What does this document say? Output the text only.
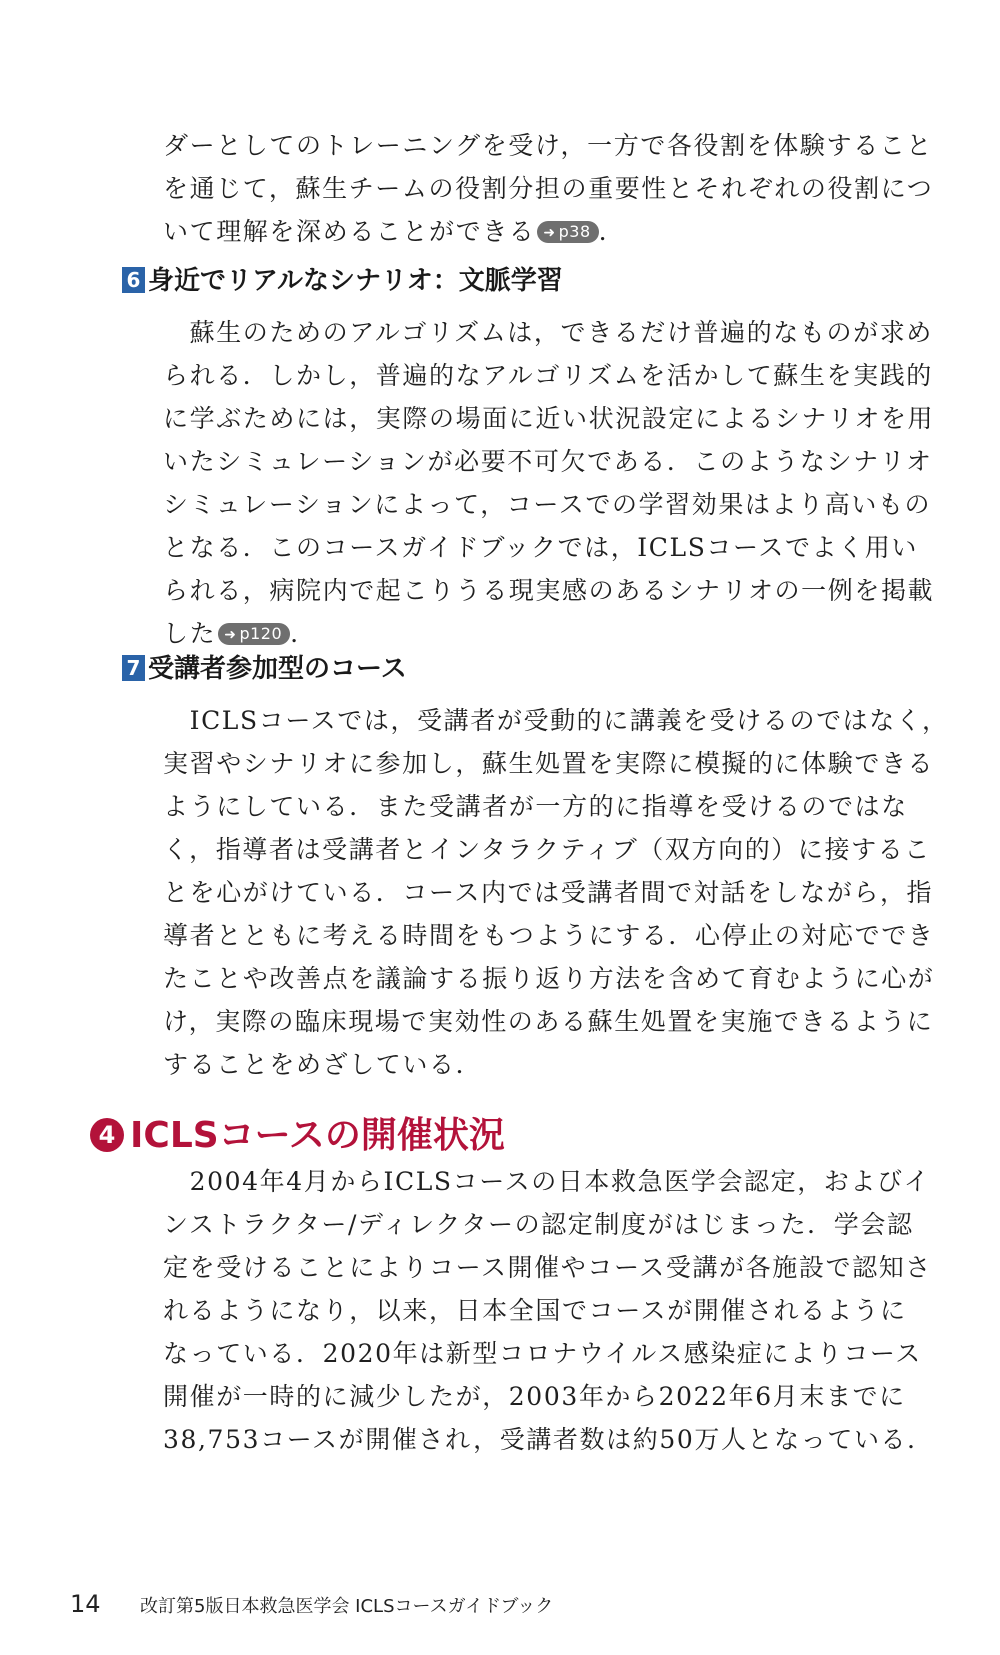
ダーとしてのトレーニングを受け，一方で各役割を体験すること
を通じて，蘇生チームの役割分担の重要性とそれぞれの役割につ
いて理解を深めることができる ➜ p38 .
6 身近でリアルなシナリオ：文脈学習
　蘇生のためのアルゴリズムは，できるだけ普遍的なものが求め
られる．しかし，普遍的なアルゴリズムを活かして蘇生を実践的
に学ぶためには，実際の場面に近い状況設定によるシナリオを用
いたシミュレーションが必要不可欠である．このようなシナリオ
シミュレーションによって，コースでの学習効果はより高いもの
となる．このコースガイドブックでは，ICLSコースでよく用い
られる，病院内で起こりうる現実感のあるシナリオの一例を掲載
した ➜ p120 .
7 受講者参加型のコース
　ICLSコースでは，受講者が受動的に講義を受けるのではなく，
実習やシナリオに参加し，蘇生処置を実際に模擬的に体験できる
ようにしている．また受講者が一方的に指導を受けるのではな
く，指導者は受講者とインタラクティブ（双方向的）に接するこ
とを心がけている．コース内では受講者間で対話をしながら，指
導者とともに考える時間をもつようにする．心停止の対応ででき
たことや改善点を議論する振り返り方法を含めて育むように心が
け，実際の臨床現場で実効性のある蘇生処置を実施できるように
することをめざしている．
4 ICLSコースの開催状況
　2004年4月からICLSコースの日本救急医学会認定，およびイ
ンストラクター/ディレクターの認定制度がはじまった．学会認
定を受けることによりコース開催やコース受講が各施設で認知さ
れるようになり，以来，日本全国でコースが開催されるように
なっている．2020年は新型コロナウイルス感染症によりコース
開催が一時的に減少したが，2003年から2022年6月末までに
38,753コースが開催され，受講者数は約50万人となっている．
14 改訂第5版日本救急医学会 ICLSコースガイドブック
